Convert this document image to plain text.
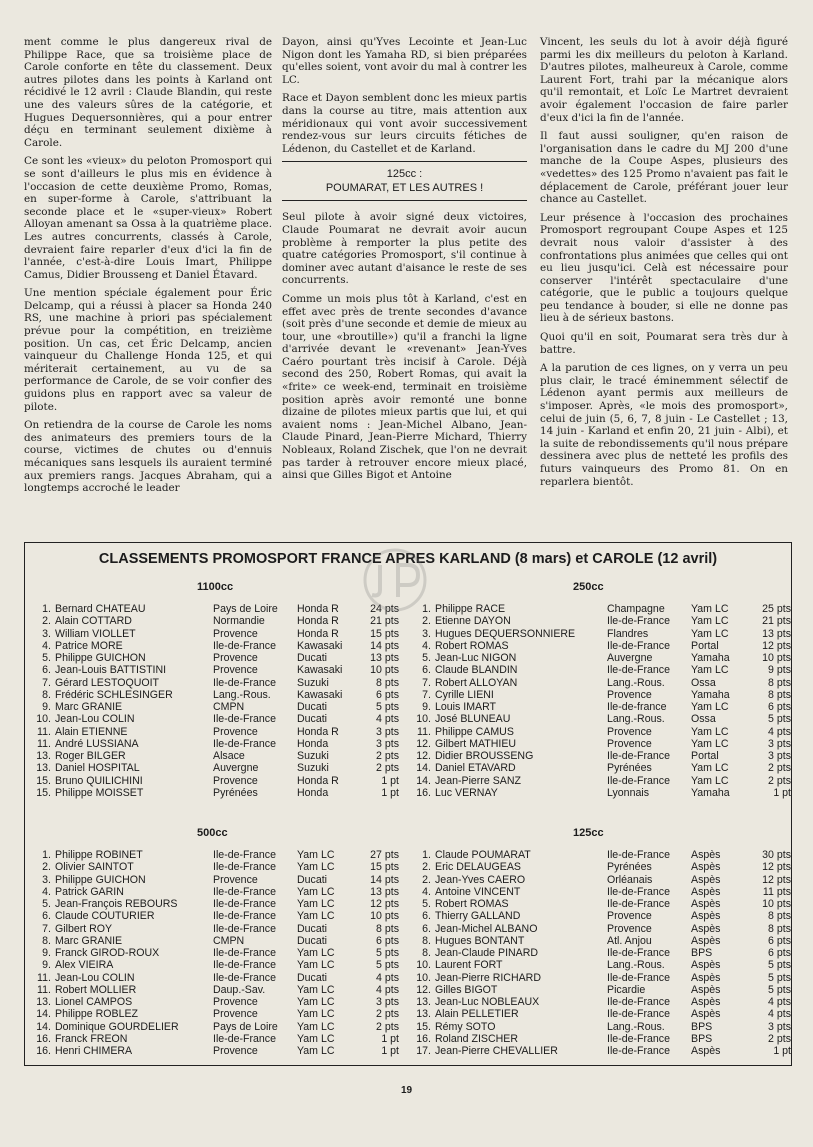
ment comme le plus dangereux rival de Philippe Race, que sa troisième place de Carole conforte en tête du classement. Deux autres pilotes dans les points à Karland ont récidivé le 12 avril : Claude Blandin, qui reste une des valeurs sûres de la catégorie, et Hugues Dequersonnières, qui a pour entrer déçu en terminant seulement dixième à Carole.

Ce sont les «vieux» du peloton Promosport qui se sont d'ailleurs le plus mis en évidence à l'occasion de cette deuxième Promo, Romas, en super-forme à Carole, s'attribuant la seconde place et le «super-vieux» Robert Alloyan amenant sa Ossa à la quatrième place. Les autres concurrents, classés à Carole, devraient faire reparler d'eux d'ici la fin de l'année, c'est-à-dire Louis Imart, Philippe Camus, Didier Brousseng et Daniel Étavard.

Une mention spéciale également pour Éric Delcamp, qui a réussi à placer sa Honda 240 RS, une machine à priori pas spécialement prévue pour la compétition, en treizième position. Un cas, cet Éric Delcamp, ancien vainqueur du Challenge Honda 125, et qui mériterait certainement, au vu de sa performance de Carole, de se voir confier des guidons plus en rapport avec sa valeur de pilote.

On retiendra de la course de Carole les noms des animateurs des premiers tours de la course, victimes de chutes ou d'ennuis mécaniques sans lesquels ils auraient terminé aux premiers rangs. Jacques Abraham, qui a longtemps accroché le leader

Dayon, ainsi qu'Yves Lecointe et Jean-Luc Nigon dont les Yamaha RD, si bien préparées qu'elles soient, vont avoir du mal à contrer les LC.

Race et Dayon semblent donc les mieux partis dans la course au titre, mais attention aux méridionaux qui vont avoir successivement rendez-vous sur leurs circuits fétiches de Lédenon, du Castellet et de Karland.

125cc :
POUMARAT, ET LES AUTRES !

Seul pilote à avoir signé deux victoires, Claude Poumarat ne devrait avoir aucun problème à remporter la plus petite des quatre catégories Promosport, s'il continue à dominer avec autant d'aisance le reste de ses concurrents.

Comme un mois plus tôt à Karland, c'est en effet avec près de trente secondes d'avance (soit près d'une seconde et demie de mieux au tour, une «broutille») qu'il a franchi la ligne d'arrivée devant le «revenant» Jean-Yves Caéro pourtant très incisif à Carole. Déjà second des 250, Robert Romas, qui avait la «frite» ce week-end, terminait en troisième position après avoir remonté une bonne dizaine de pilotes mieux partis que lui, et qui avaient noms : Jean-Michel Albano, Jean-Claude Pinard, Jean-Pierre Michard, Thierry Nobleaux, Roland Zischek, que l'on ne devrait pas tarder à retrouver encore mieux placé, ainsi que Gilles Bigot et Antoine

Vincent, les seuls du lot à avoir déjà figuré parmi les dix meilleurs du peloton à Karland. D'autres pilotes, malheureux à Carole, comme Laurent Fort, trahi par la mécanique alors qu'il remontait, et Loïc Le Martret devraient avoir également l'occasion de faire parler d'eux d'ici la fin de l'année.

Il faut aussi souligner, qu'en raison de l'organisation dans le cadre du MJ 200 d'une manche de la Coupe Aspes, plusieurs des «vedettes» des 125 Promo n'avaient pas fait le déplacement de Carole, préférant jouer leur chance au Castellet.

Leur présence à l'occasion des prochaines Promosport regroupant Coupe Aspes et 125 devrait nous valoir d'assister à des confrontations plus animées que celles qui ont eu lieu jusqu'ici. Celà est nécessaire pour conserver l'intérêt spectaculaire d'une catégorie, que le public a toujours quelque peu tendance à bouder, si elle ne donne pas lieu à de sérieux bastons.

Quoi qu'il en soit, Poumarat sera très dur à battre.

A la parution de ces lignes, on y verra un peu plus clair, le tracé éminemment sélectif de Lédenon ayant permis aux meilleurs de s'imposer. Après, «le mois des promosport», celui de juin (5, 6, 7, 8 juin - Le Castellet ; 13, 14 juin - Karland et enfin 20, 21 juin - Albi), et la suite de rebondissements qu'il nous prépare dessinera avec plus de netteté les profils des futurs vainqueurs des Promo 81. On en reparlera bientôt.

CLASSEMENTS PROMOSPORT FRANCE APRES KARLAND (8 mars) et CAROLE (12 avril)
1100cc	250cc
500cc	125cc
1.	Bernard CHATEAU	Pays de Loire	Honda R	24 pts
2.	Alain COTTARD	Normandie	Honda R	21 pts
3.	William VIOLLET	Provence	Honda R	15 pts
4.	Patrice MORE	Ile-de-France	Kawasaki	14 pts
5.	Philippe GUICHON	Provence	Ducati	13 pts
6.	Jean-Louis BATTISTINI	Provence	Kawasaki	10 pts
7.	Gérard LESTOQUOIT	Ile-de-France	Suzuki	8 pts
8.	Frédéric SCHLESINGER	Lang.-Rous.	Kawasaki	6 pts
9.	Marc GRANIE	CMPN	Ducati	5 pts
10.	Jean-Lou COLIN	Ile-de-France	Ducati	4 pts
11.	Alain ETIENNE	Provence	Honda R	3 pts
11.	André LUSSIANA	Ile-de-France	Honda	3 pts
13.	Roger BILGER	Alsace	Suzuki	2 pts
13.	Daniel HOSPITAL	Auvergne	Suzuki	2 pts
15.	Bruno QUILICHINI	Provence	Honda R	1 pt
15.	Philippe MOISSET	Pyrénées	Honda	1 pt
1.	Philippe RACE	Champagne	Yam LC	25 pts
2.	Etienne DAYON	Ile-de-France	Yam LC	21 pts
3.	Hugues DEQUERSONNIERE	Flandres	Yam LC	13 pts
4.	Robert ROMAS	Ile-de-France	Portal	12 pts
5.	Jean-Luc NIGON	Auvergne	Yamaha	10 pts
6.	Claude BLANDIN	Ile-de-France	Yam LC	9 pts
7.	Robert ALLOYAN	Lang.-Rous.	Ossa	8 pts
7.	Cyrille LIENI	Provence	Yamaha	8 pts
9.	Louis IMART	Ile-de-france	Yam LC	6 pts
10.	José BLUNEAU	Lang.-Rous.	Ossa	5 pts
11.	Philippe CAMUS	Provence	Yam LC	4 pts
12.	Gilbert MATHIEU	Provence	Yam LC	3 pts
12.	Didier BROUSSENG	Ile-de-France	Portal	3 pts
14.	Daniel ETAVARD	Pyrénées	Yam LC	2 pts
14.	Jean-Pierre SANZ	Ile-de-France	Yam LC	2 pts
16.	Luc VERNAY	Lyonnais	Yamaha	1 pt
1.	Philippe ROBINET	Ile-de-France	Yam LC	27 pts
2.	Olivier SAINTOT	Ile-de-France	Yam LC	15 pts
3.	Philippe GUICHON	Provence	Ducati	14 pts
4.	Patrick GARIN	Ile-de-France	Yam LC	13 pts
5.	Jean-François REBOURS	Ile-de-France	Yam LC	12 pts
6.	Claude COUTURIER	Ile-de-France	Yam LC	10 pts
7.	Gilbert ROY	Ile-de-France	Ducati	8 pts
8.	Marc GRANIE	CMPN	Ducati	6 pts
9.	Franck GIROD-ROUX	Ile-de-France	Yam LC	5 pts
9.	Alex VIEIRA	Ile-de-France	Yam LC	5 pts
11.	Jean-Lou COLIN	Ile-de-France	Ducati	4 pts
11.	Robert MOLLIER	Daup.-Sav.	Yam LC	4 pts
13.	Lionel CAMPOS	Provence	Yam LC	3 pts
14.	Philippe ROBLEZ	Provence	Yam LC	2 pts
14.	Dominique GOURDELIER	Pays de Loire	Yam LC	2 pts
16.	Franck FREON	Ile-de-France	Yam LC	1 pt
16.	Henri CHIMERA	Provence	Yam LC	1 pt
1.	Claude POUMARAT	Ile-de-France	Aspès	30 pts
2.	Eric DELAUGEAS	Pyrénées	Aspès	12 pts
2.	Jean-Yves CAERO	Orléanais	Aspès	12 pts
4.	Antoine VINCENT	Ile-de-France	Aspès	11 pts
5.	Robert ROMAS	Ile-de-France	Aspès	10 pts
6.	Thierry GALLAND	Provence	Aspès	8 pts
6.	Jean-Michel ALBANO	Provence	Aspès	8 pts
8.	Hugues BONTANT	Atl. Anjou	Aspès	6 pts
8.	Jean-Claude PINARD	Ile-de-France	BPS	6 pts
10.	Laurent FORT	Lang.-Rous.	Aspès	5 pts
10.	Jean-Pierre RICHARD	Ile-de-France	Aspès	5 pts
12.	Gilles BIGOT	Picardie	Aspès	5 pts
13.	Jean-Luc NOBLEAUX	Ile-de-France	Aspès	4 pts
13.	Alain PELLETIER	Ile-de-France	Aspès	4 pts
15.	Rémy SOTO	Lang.-Rous.	BPS	3 pts
16.	Roland ZISCHER	Ile-de-France	BPS	2 pts
17.	Jean-Pierre CHEVALLIER	Ile-de-France	Aspès	1 pt
19
